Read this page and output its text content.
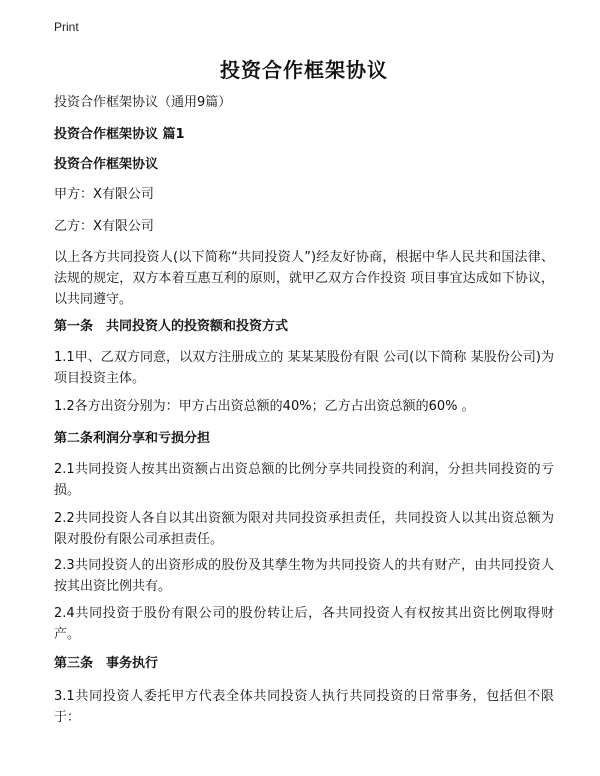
Print
投资合作框架协议
投资合作框架协议（通用9篇）
投资合作框架协议 篇1
投资合作框架协议
甲方：X有限公司
乙方：X有限公司
以上各方共同投资人(以下简称“共同投资人”)经友好协商，根据中华人民共和国法律、法规的规定，双方本着互惠互利的原则，就甲乙双方合作投资 项目事宜达成如下协议，以共同遵守。
第一条　共同投资人的投资额和投资方式
1.1甲、乙双方同意，以双方注册成立的 某某某股份有限 公司(以下简称 某股份公司)为项目投资主体。
1.2各方出资分别为：甲方占出资总额的40%；乙方占出资总额的60% 。
第二条利润分享和亏损分担
2.1共同投资人按其出资额占出资总额的比例分享共同投资的利润，分担共同投资的亏损。
2.2共同投资人各自以其出资额为限对共同投资承担责任，共同投资人以其出资总额为限对股份有限公司承担责任。
2.3共同投资人的出资形成的股份及其孳生物为共同投资人的共有财产，由共同投资人按其出资比例共有。
2.4共同投资于股份有限公司的股份转让后，各共同投资人有权按其出资比例取得财产。
第三条　事务执行
3.1共同投资人委托甲方代表全体共同投资人执行共同投资的日常事务，包括但不限于：
